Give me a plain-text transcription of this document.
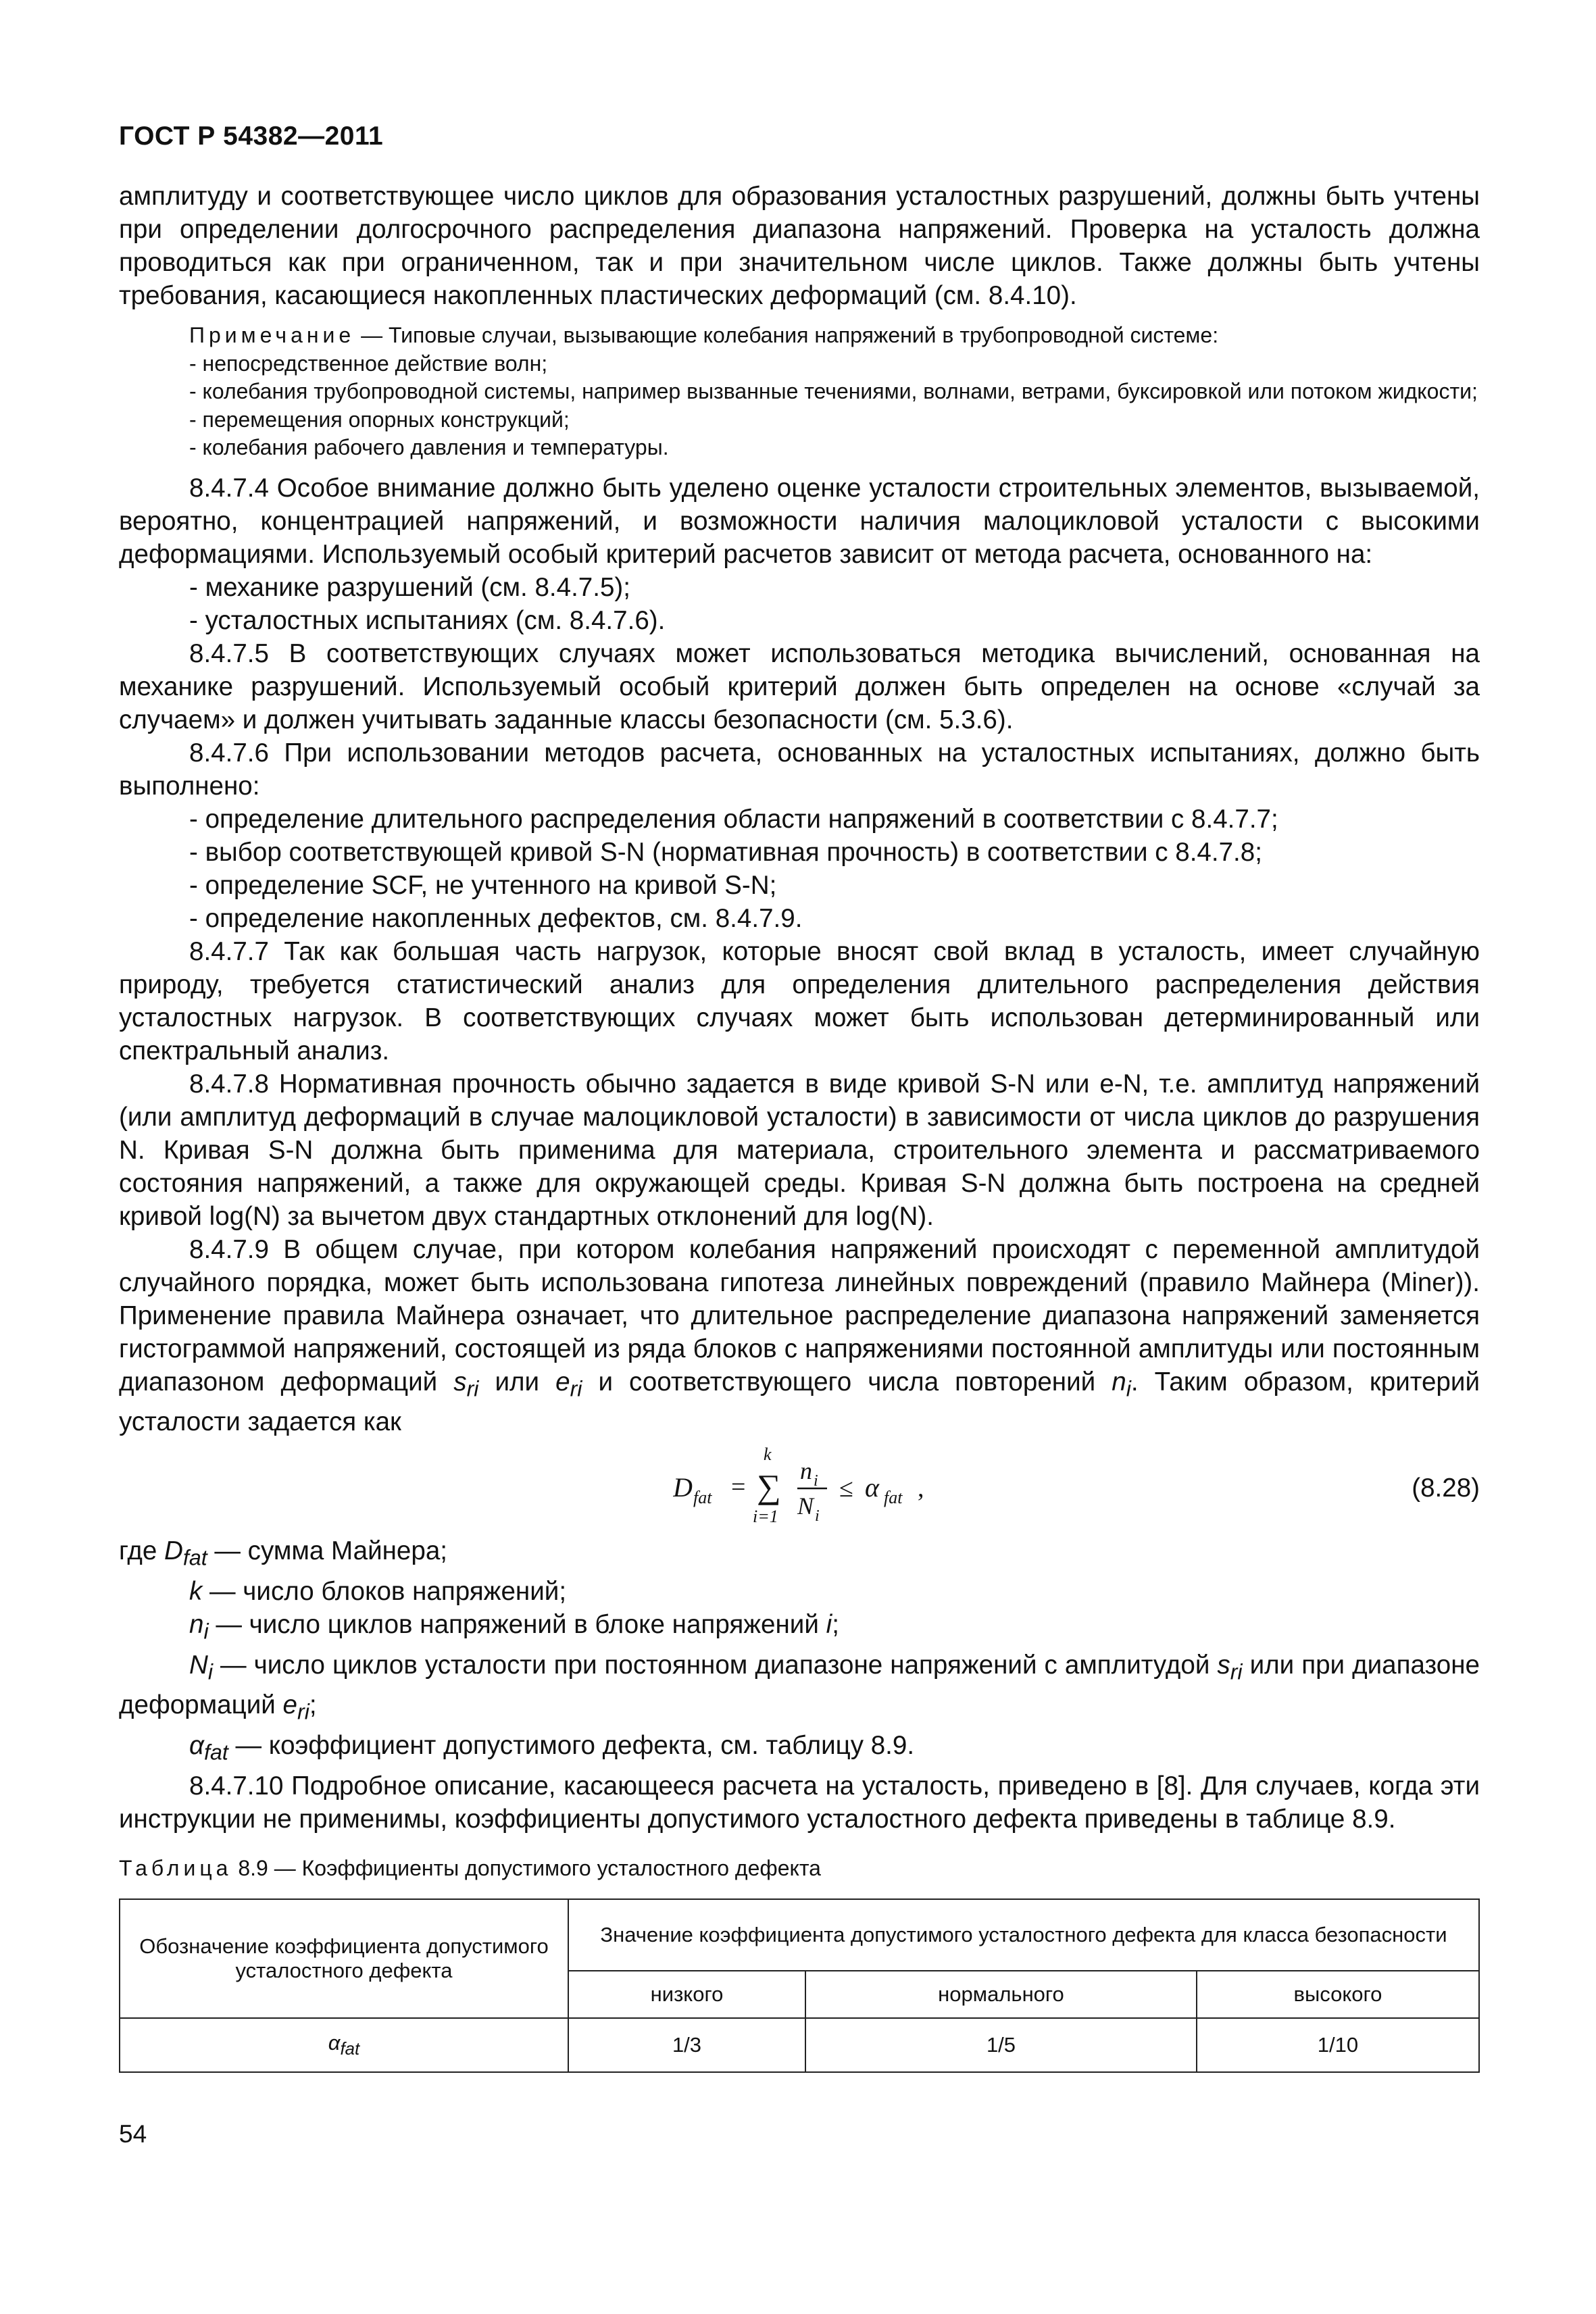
ГОСТ Р 54382—2011

амплитуду и соответствующее число циклов для образования усталостных разрушений, должны быть учтены при определении долгосрочного распределения диапазона напряжений. Проверка на усталость должна проводиться как при ограниченном, так и при значительном числе циклов. Также должны быть учтены требования, касающиеся накопленных пластических деформаций (см. 8.4.10).

Примечание — Типовые случаи, вызывающие колебания напряжений в трубопроводной системе:

- непосредственное действие волн;

- колебания трубопроводной системы, например вызванные течениями, волнами, ветрами, буксировкой или потоком жидкости;

- перемещения опорных конструкций;

- колебания рабочего давления и температуры.

8.4.7.4 Особое внимание должно быть уделено оценке усталости строительных элементов, вызываемой, вероятно, концентрацией напряжений, и возможности наличия малоцикловой усталости с высокими деформациями. Используемый особый критерий расчетов зависит от метода расчета, основанного на:

- механике разрушений (см. 8.4.7.5);

- усталостных испытаниях (см. 8.4.7.6).

8.4.7.5 В соответствующих случаях может использоваться методика вычислений, основанная на механике разрушений. Используемый особый критерий должен быть определен на основе «случай за случаем» и должен учитывать заданные классы безопасности (см. 5.3.6).

8.4.7.6 При использовании методов расчета, основанных на усталостных испытаниях, должно быть выполнено:

- определение длительного распределения области напряжений в соответствии с 8.4.7.7;

- выбор соответствующей кривой S-N (нормативная прочность) в соответствии с 8.4.7.8;

- определение SCF, не учтенного на кривой S-N;

- определение накопленных дефектов, см. 8.4.7.9.

8.4.7.7 Так как большая часть нагрузок, которые вносят свой вклад в усталость, имеет случайную природу, требуется статистический анализ для определения длительного распределения действия усталостных нагрузок. В соответствующих случаях может быть использован детерминированный или спектральный анализ.

8.4.7.8 Нормативная прочность обычно задается в виде кривой S-N или e-N, т.е. амплитуд напряжений (или амплитуд деформаций в случае малоцикловой усталости) в зависимости от числа циклов до разрушения N. Кривая S-N должна быть применима для материала, строительного элемента и рассматриваемого состояния напряжений, а также для окружающей среды. Кривая S-N должна быть построена на средней кривой log(N) за вычетом двух стандартных отклонений для log(N).

8.4.7.9 В общем случае, при котором колебания напряжений происходят с переменной амплитудой случайного порядка, может быть использована гипотеза линейных повреждений (правило Майнера (Miner)). Применение правила Майнера означает, что длительное распределение диапазона напряжений заменяется гистограммой напряжений, состоящей из ряда блоков с напряжениями постоянной амплитуды или постоянным диапазоном деформаций $s_{ri}$ или $e_{ri}$ и соответствующего числа повторений $n_i$. Таким образом, критерий усталости задается как

D fat =
k
∑
i=1
n i
N i
≤ α fat ,	(8.28)

где $D_{fat}$ — сумма Майнера;

k — число блоков напряжений;

$n_i$ — число циклов напряжений в блоке напряжений i;

$N_i$ — число циклов усталости при постоянном диапазоне напряжений с амплитудой $s_{ri}$ или при диапазоне деформаций $e_{ri}$;

$\alpha_{fat}$ — коэффициент допустимого дефекта, см. таблицу 8.9.

8.4.7.10 Подробное описание, касающееся расчета на усталость, приведено в [8]. Для случаев, когда эти инструкции не применимы, коэффициенты допустимого усталостного дефекта приведены в таблице 8.9.

Таблица 8.9 — Коэффициенты допустимого усталостного дефекта
Обозначение коэффициента допустимого усталостного дефекта	Значение коэффициента допустимого усталостного дефекта для класса безопасности		
	низкого	нормального	высокого
$\alpha_{fat}$	1/3	1/5	1/10
54
